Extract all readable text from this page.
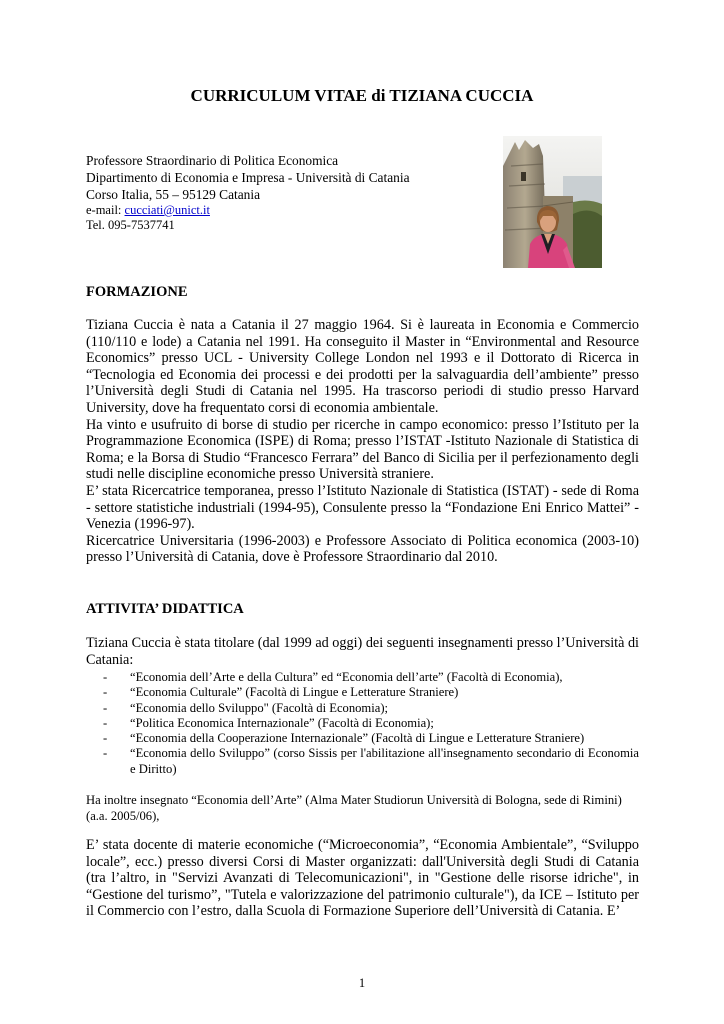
CURRICULUM VITAE di TIZIANA CUCCIA
Professore Straordinario di Politica Economica
Dipartimento di Economia e Impresa - Università di Catania
Corso Italia, 55 – 95129 Catania
e-mail: cucciati@unict.it
Tel. 095-7537741
FORMAZIONE

Tiziana Cuccia è nata a Catania il 27 maggio 1964. Si è laureata in Economia e Commercio (110/110 e lode) a Catania nel 1991. Ha conseguito il Master in “Environmental and Resource Economics” presso UCL - University College London nel 1993 e il Dottorato di Ricerca in “Tecnologia ed Economia dei processi e dei prodotti per la salvaguardia dell’ambiente” presso l’Università degli Studi di Catania nel 1995. Ha trascorso periodi di studio presso Harvard University, dove ha frequentato corsi di economia ambientale.

Ha vinto e usufruito di borse di studio per ricerche in campo economico: presso l’Istituto per la Programmazione Economica (ISPE) di Roma; presso l’ISTAT -Istituto Nazionale di Statistica di Roma; e la Borsa di Studio “Francesco Ferrara” del Banco di Sicilia per il perfezionamento degli studi nelle discipline economiche presso Università straniere.

E’ stata Ricercatrice temporanea, presso l’Istituto Nazionale di Statistica (ISTAT) - sede di Roma - settore statistiche industriali (1994-95), Consulente presso la “Fondazione Eni Enrico Mattei” - Venezia (1996-97).

Ricercatrice Universitaria (1996-2003) e Professore Associato di Politica economica (2003-10) presso l’Università di Catania, dove è Professore Straordinario dal 2010.

ATTIVITA’ DIDATTICA
Tiziana Cuccia è stata titolare (dal 1999 ad oggi) dei seguenti insegnamenti presso l’Università di Catania:
- “Economia dell’Arte e della Cultura” ed “Economia dell’arte” (Facoltà di Economia),
- “Economia Culturale” (Facoltà di Lingue e Letterature Straniere)
- “Economia dello Sviluppo" (Facoltà di Economia);
- “Politica Economica Internazionale” (Facoltà di Economia);
- “Economia della Cooperazione Internazionale” (Facoltà di Lingue e Letterature Straniere)
- “Economia dello Sviluppo” (corso Sissis per l'abilitazione all'insegnamento secondario di Economia e Diritto)
Ha inoltre insegnato “Economia dell’Arte” (Alma Mater Studiorun Università di Bologna, sede di Rimini) (a.a. 2005/06),
E’ stata docente di materie economiche (“Microeconomia”, “Economia Ambientale”, “Sviluppo locale”, ecc.) presso diversi Corsi di Master organizzati: dall'Università degli Studi di Catania (tra l’altro, in "Servizi Avanzati di Telecomunicazioni", in "Gestione delle risorse idriche", in “Gestione del turismo”, "Tutela e valorizzazione del patrimonio culturale"), da ICE – Istituto per il Commercio con l’estro, dalla Scuola di Formazione Superiore dell’Università di Catania. E’
1
